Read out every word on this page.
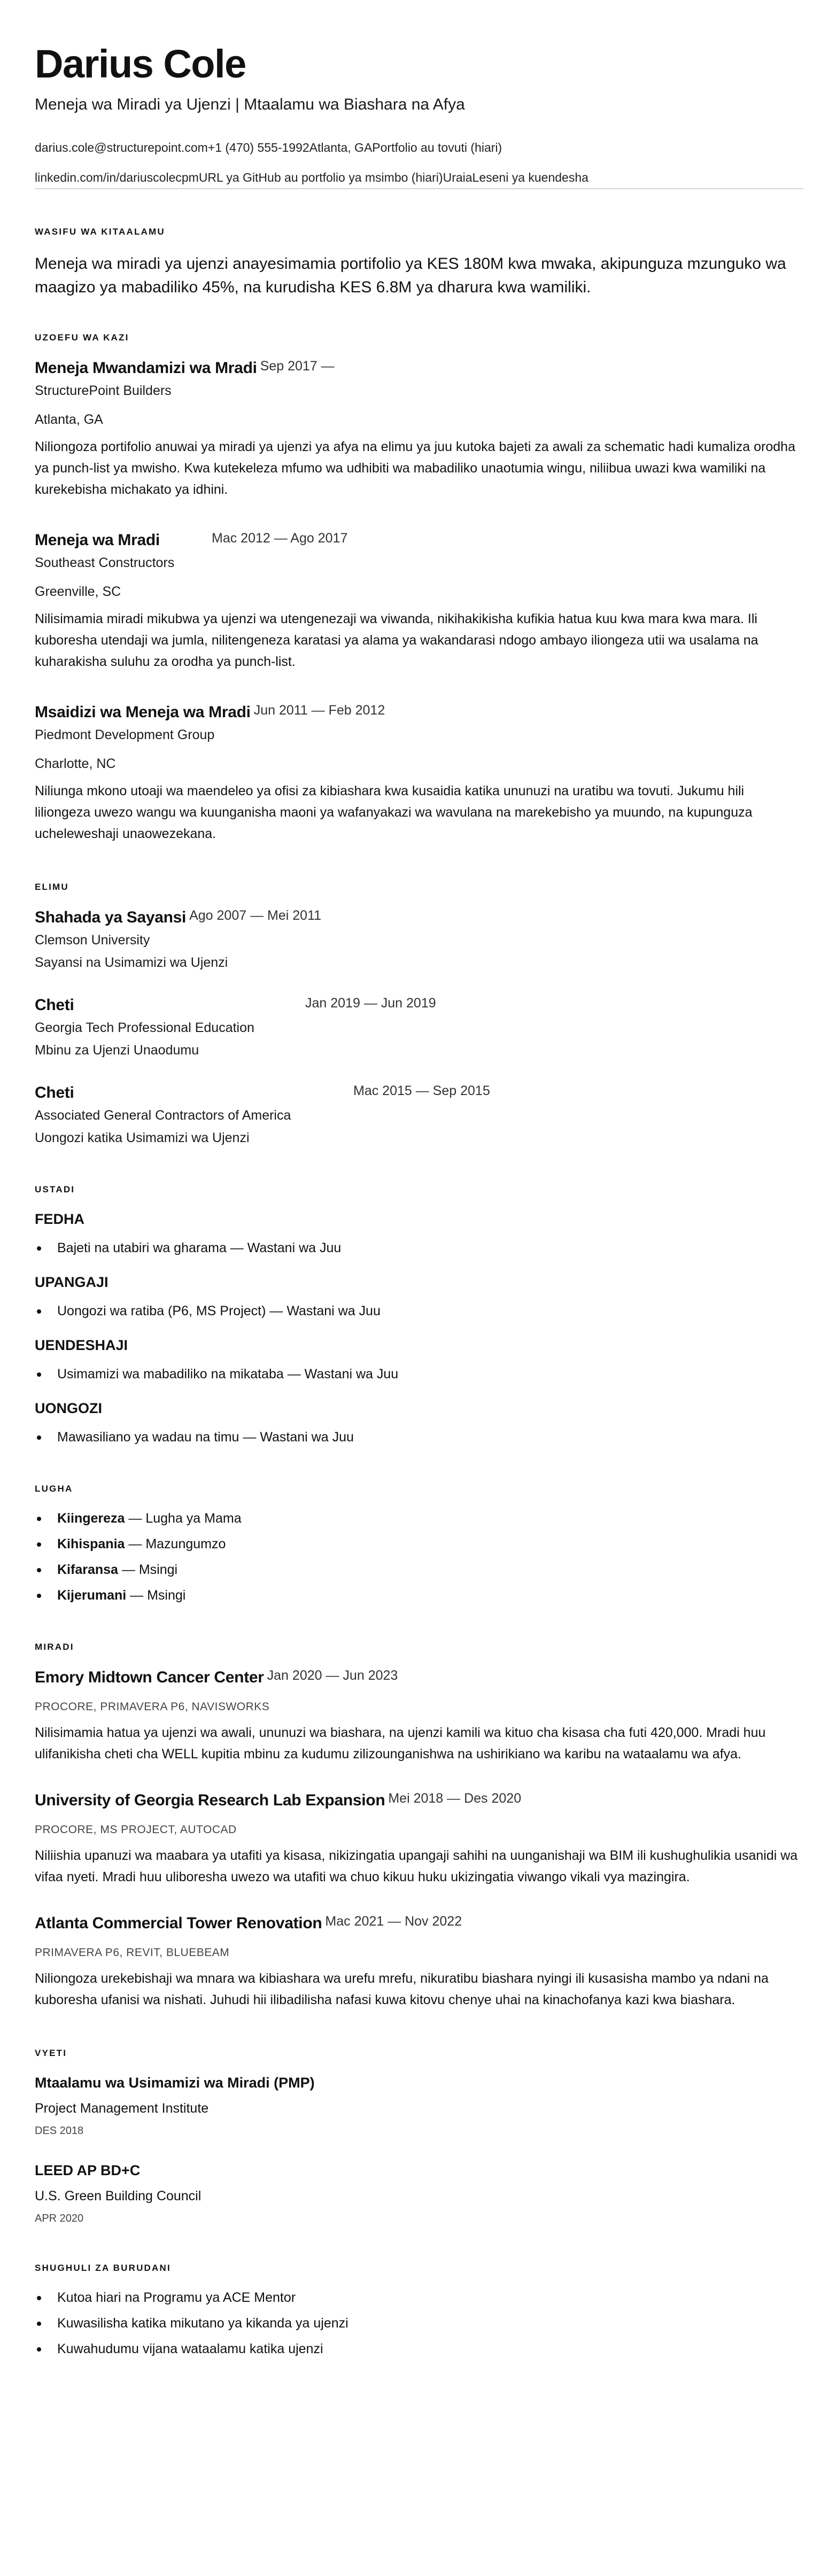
Darius Cole
Meneja wa Miradi ya Ujenzi | Mtaalamu wa Biashara na Afya
darius.cole@structurepoint.com+1 (470) 555-1992Atlanta, GAPortfolio au tovuti (hiari)
linkedin.com/in/dariuscolecpmURL ya GitHub au portfolio ya msimbo (hiari)UraiaLeseni ya kuendesha
WASIFU WA KITAALAMU

Meneja wa miradi ya ujenzi anayesimamia portifolio ya KES 180M kwa mwaka, akipunguza mzunguko wa maagizo ya mabadiliko 45%, na kurudisha KES 6.8M ya dharura kwa wamiliki.

UZOEFU WA KAZI
Meneja Mwandamizi wa Mradi Sep 2017 —
StructurePoint Builders
Atlanta, GA

Niliongoza portifolio anuwai ya miradi ya ujenzi ya afya na elimu ya juu kutoka bajeti za awali za schematic hadi kumaliza orodha ya punch-list ya mwisho. Kwa kutekeleza mfumo wa udhibiti wa mabadiliko unaotumia wingu, niliibua uwazi kwa wamiliki na kurekebisha michakato ya idhini.

Meneja wa Mradi	Mac 2012 — Ago 2017
Southeast Constructors
Greenville, SC

Nilisimamia miradi mikubwa ya ujenzi wa utengenezaji wa viwanda, nikihakikisha kufikia hatua kuu kwa mara kwa mara. Ili kuboresha utendaji wa jumla, nilitengeneza karatasi ya alama ya wakandarasi ndogo ambayo iliongeza utii wa usalama na kuharakisha suluhu za orodha ya punch-list.

Msaidizi wa Meneja wa Mradi Jun 2011 — Feb 2012
Piedmont Development Group
Charlotte, NC

Niliunga mkono utoaji wa maendeleo ya ofisi za kibiashara kwa kusaidia katika ununuzi na uratibu wa tovuti. Jukumu hili liliongeza uwezo wangu wa kuunganisha maoni ya wafanyakazi wa wavulana na marekebisho ya muundo, na kupunguza ucheleweshaji unaowezekana.

ELIMU
Shahada ya Sayansi Ago 2007 — Mei 2011
Clemson University
Sayansi na Usimamizi wa Ujenzi
Cheti	Jan 2019 — Jun 2019
Georgia Tech Professional Education
Mbinu za Ujenzi Unaodumu
Cheti	Mac 2015 — Sep 2015
Associated General Contractors of America
Uongozi katika Usimamizi wa Ujenzi
USTADI
FEDHA
Bajeti na utabiri wa gharama — Wastani wa Juu
UPANGAJI
Uongozi wa ratiba (P6, MS Project) — Wastani wa Juu
UENDESHAJI
Usimamizi wa mabadiliko na mikataba — Wastani wa Juu
UONGOZI
Mawasiliano ya wadau na timu — Wastani wa Juu
LUGHA
Kiingereza — Lugha ya Mama
Kihispania — Mazungumzo
Kifaransa — Msingi
Kijerumani — Msingi
MIRADI
Emory Midtown Cancer Center Jan 2020 — Jun 2023
PROCORE, PRIMAVERA P6, NAVISWORKS

Nilisimamia hatua ya ujenzi wa awali, ununuzi wa biashara, na ujenzi kamili wa kituo cha kisasa cha futi 420,000. Mradi huu ulifanikisha cheti cha WELL kupitia mbinu za kudumu zilizounganishwa na ushirikiano wa karibu na wataalamu wa afya.

University of Georgia Research Lab Expansion Mei 2018 — Des 2020
PROCORE, MS PROJECT, AUTOCAD

Niliishia upanuzi wa maabara ya utafiti ya kisasa, nikizingatia upangaji sahihi na uunganishaji wa BIM ili kushughulikia usanidi wa vifaa nyeti. Mradi huu uliboresha uwezo wa utafiti wa chuo kikuu huku ukizingatia viwango vikali vya mazingira.

Atlanta Commercial Tower Renovation Mac 2021 — Nov 2022
PRIMAVERA P6, REVIT, BLUEBEAM

Niliongoza urekebishaji wa mnara wa kibiashara wa urefu mrefu, nikuratibu biashara nyingi ili kusasisha mambo ya ndani na kuboresha ufanisi wa nishati. Juhudi hii ilibadilisha nafasi kuwa kitovu chenye uhai na kinachofanya kazi kwa biashara.

VYETI
Mtaalamu wa Usimamizi wa Miradi (PMP)
Project Management Institute
DES 2018
LEED AP BD+C
U.S. Green Building Council
APR 2020
SHUGHULI ZA BURUDANI
Kutoa hiari na Programu ya ACE Mentor
Kuwasilisha katika mikutano ya kikanda ya ujenzi
Kuwahudumu vijana wataalamu katika ujenzi
